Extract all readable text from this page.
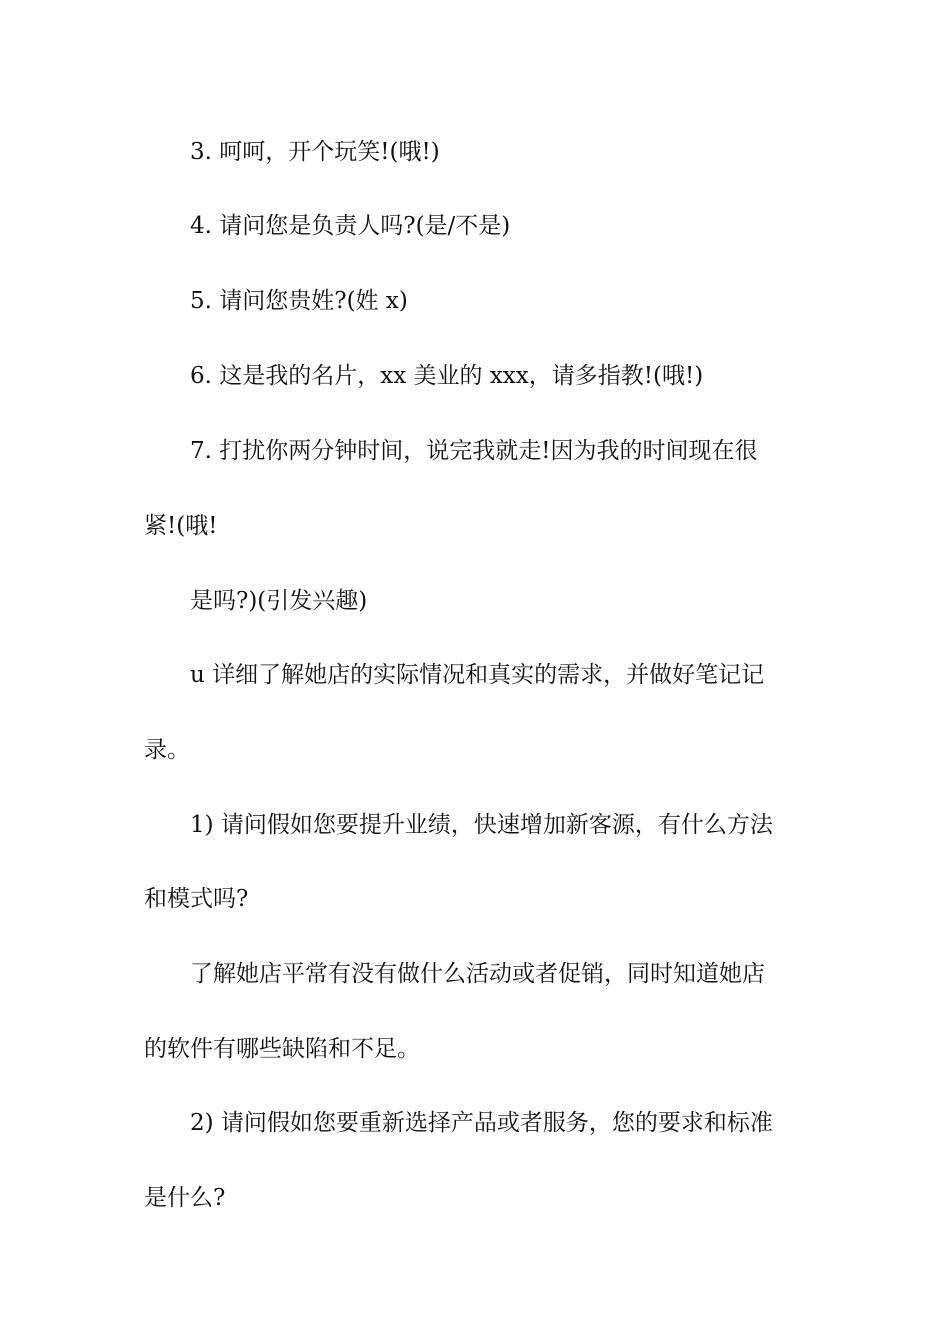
3. 呵呵，开个玩笑!(哦!)
4. 请问您是负责人吗?(是/不是)
5. 请问您贵姓?(姓 x)
6. 这是我的名片，xx 美业的 xxx，请多指教!(哦!)
7. 打扰你两分钟时间，说完我就走!因为我的时间现在很
紧!(哦!
是吗?)(引发兴趣)
u 详细了解她店的实际情况和真实的需求，并做好笔记记
录。
1) 请问假如您要提升业绩，快速增加新客源，有什么方法
和模式吗?
了解她店平常有没有做什么活动或者促销，同时知道她店
的软件有哪些缺陷和不足。
2) 请问假如您要重新选择产品或者服务，您的要求和标准
是什么?
